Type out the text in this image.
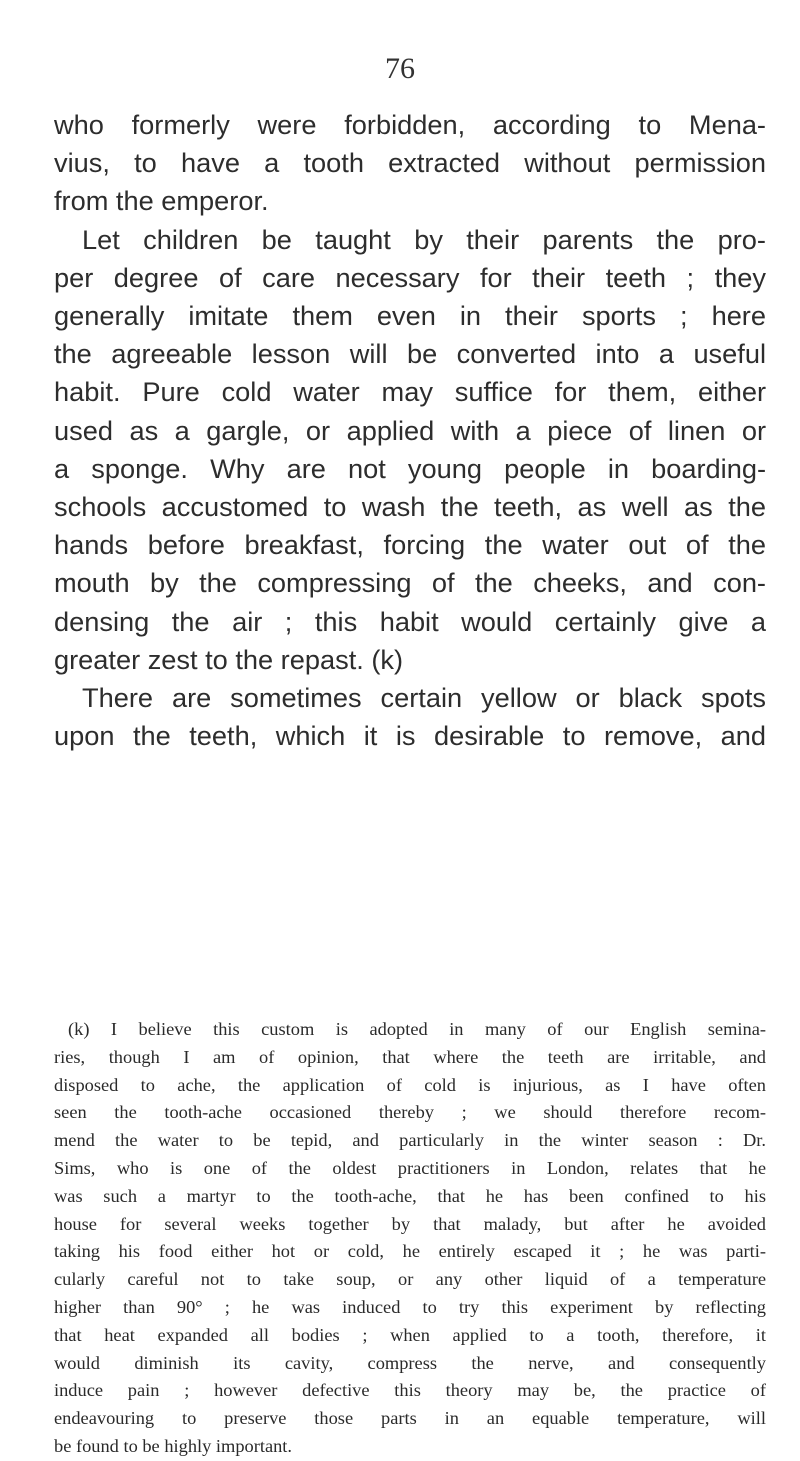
76
who formerly were forbidden, according to Mena-
vius, to have a tooth extracted without permission
from the emperor.
Let children be taught by their parents the pro-
per degree of care necessary for their teeth ; they
generally imitate them even in their sports ; here
the agreeable lesson will be converted into a useful
habit. Pure cold water may suffice for them, either
used as a gargle, or applied with a piece of linen or
a sponge. Why are not young people in boarding-
schools accustomed to wash the teeth, as well as the
hands before breakfast, forcing the water out of the
mouth by the compressing of the cheeks, and con-
densing the air ; this habit would certainly give a
greater zest to the repast. (k)
There are sometimes certain yellow or black spots
upon the teeth, which it is desirable to remove, and
(k) I believe this custom is adopted in many of our English semina-
ries, though I am of opinion, that where the teeth are irritable, and
disposed to ache, the application of cold is injurious, as I have often
seen the tooth-ache occasioned thereby ; we should therefore recom-
mend the water to be tepid, and particularly in the winter season : Dr.
Sims, who is one of the oldest practitioners in London, relates that he
was such a martyr to the tooth-ache, that he has been confined to his
house for several weeks together by that malady, but after he avoided
taking his food either hot or cold, he entirely escaped it ; he was parti-
cularly careful not to take soup, or any other liquid of a temperature
higher than 90° ; he was induced to try this experiment by reflecting
that heat expanded all bodies ; when applied to a tooth, therefore, it
would diminish its cavity, compress the nerve, and consequently
induce pain ; however defective this theory may be, the practice of
endeavouring to preserve those parts in an equable temperature, will
be found to be highly important.
